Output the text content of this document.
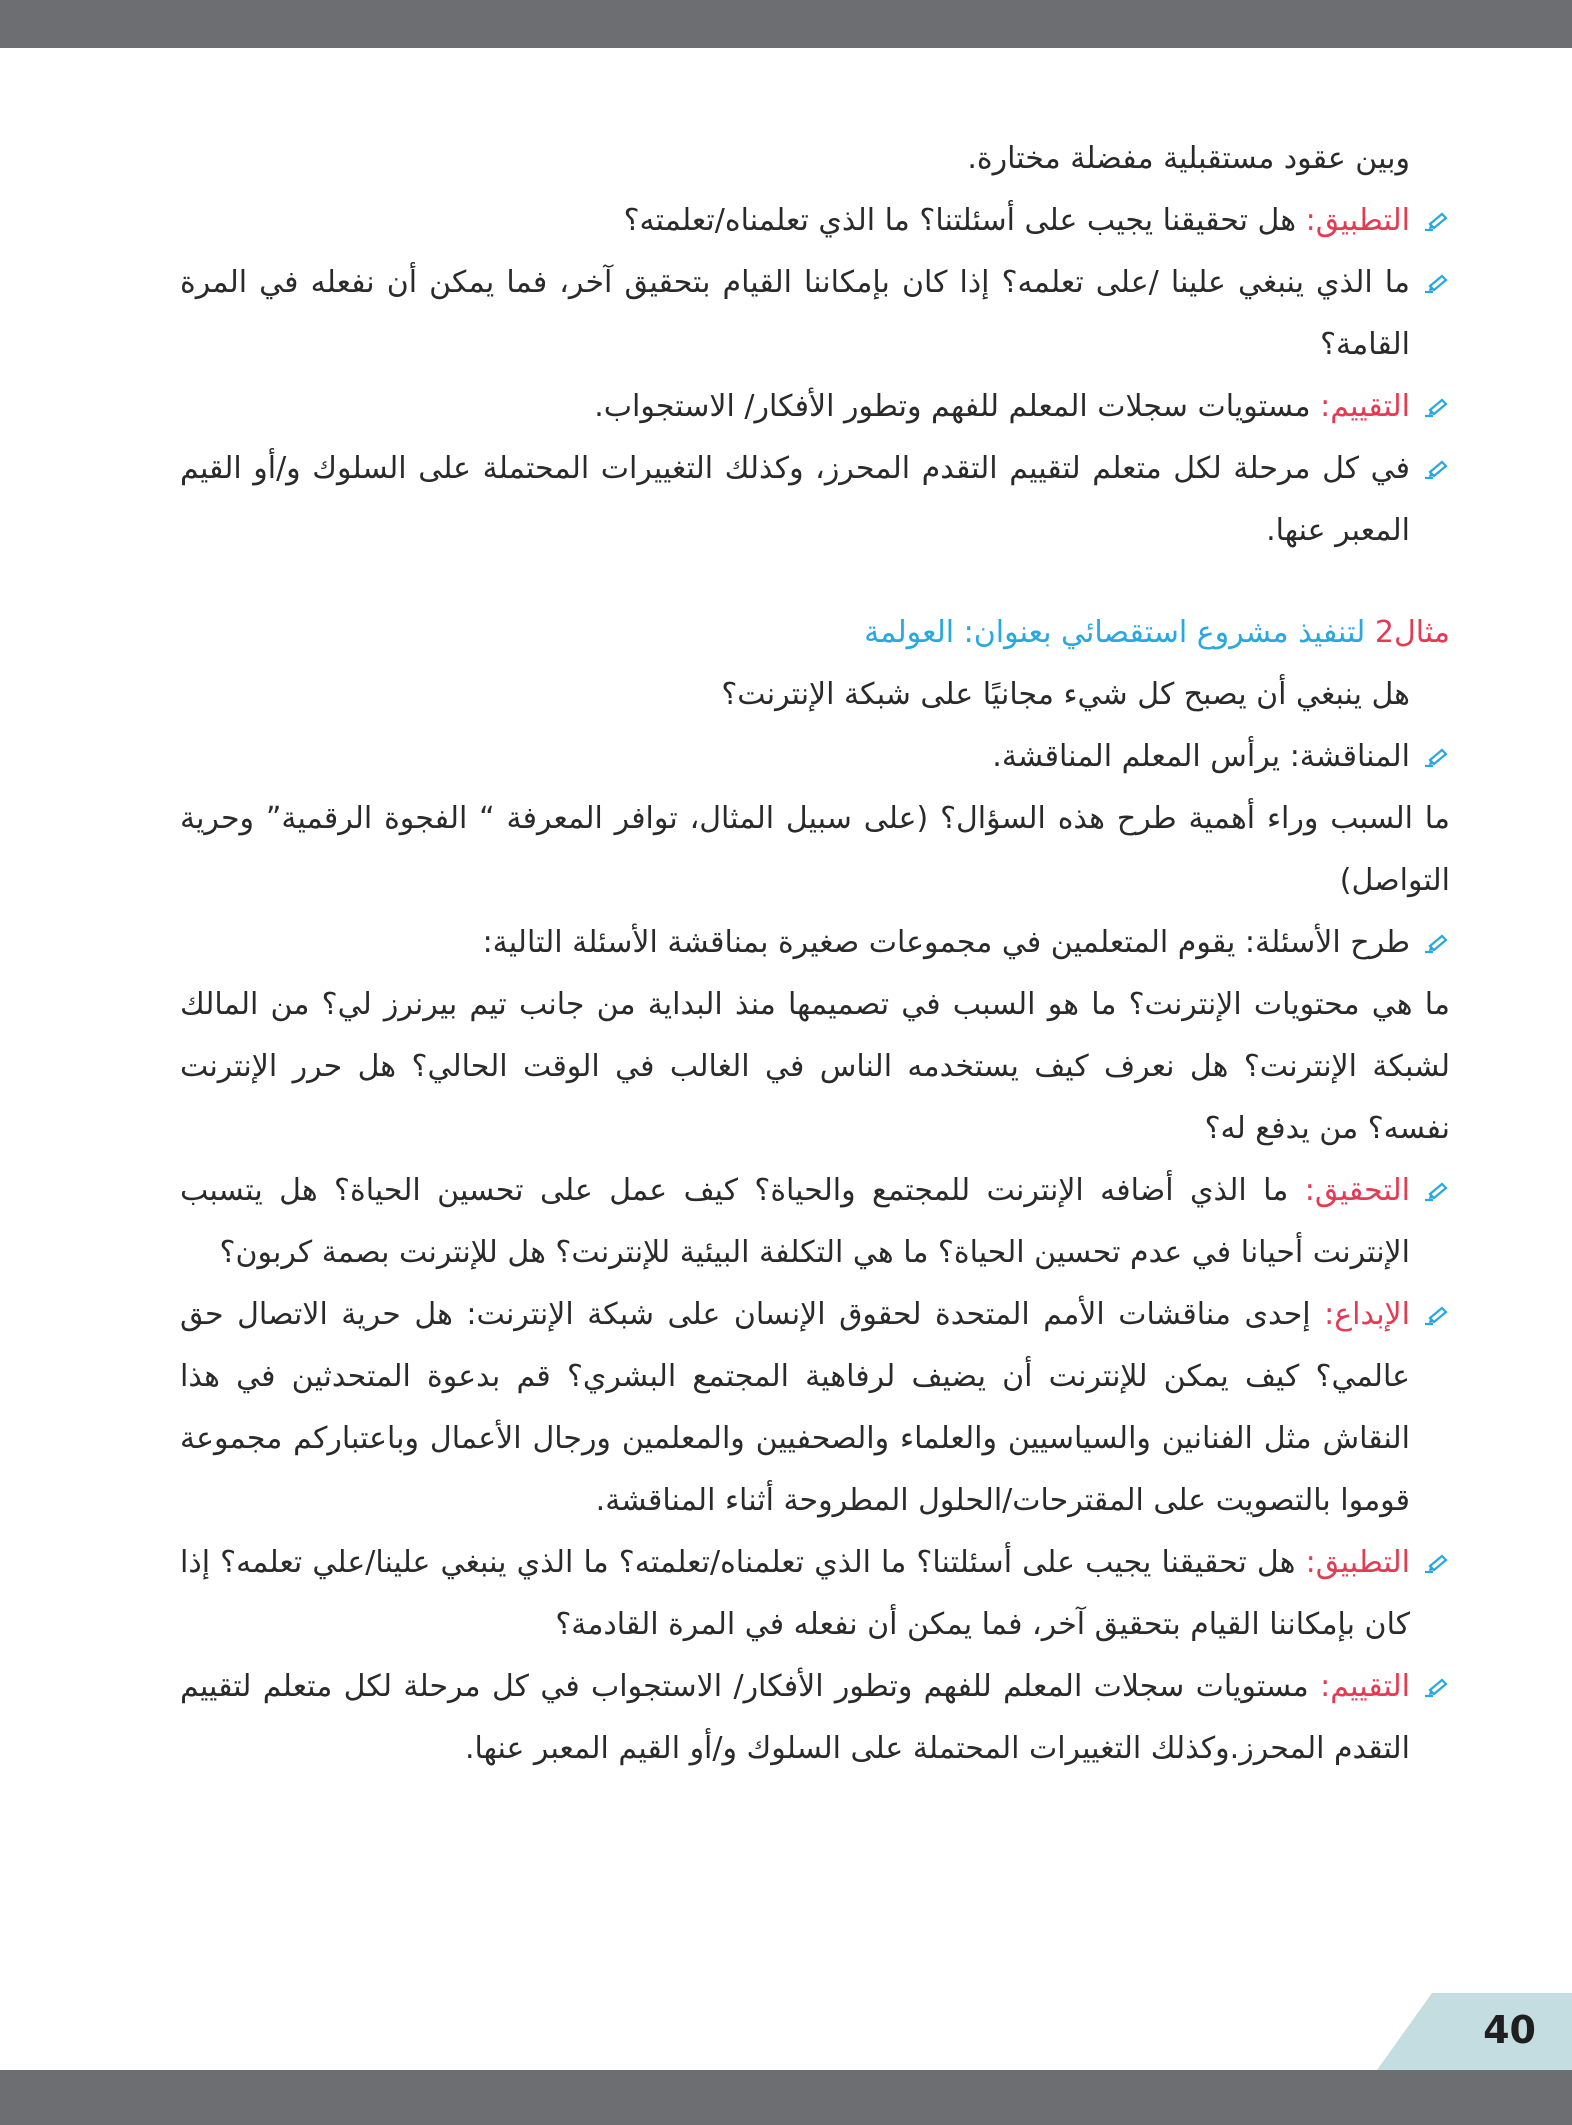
وبين عقود مستقبلية مفضلة مختارة.

التطبيق: هل تحقيقنا يجيب على أسئلتنا؟ ما الذي تعلمناه/تعلمته؟

ما الذي ينبغي علينا /على تعلمه؟ إذا كان بإمكاننا القيام بتحقيق آخر، فما يمكن أن نفعله في المرة القامة؟

التقييم: مستويات سجلات المعلم للفهم وتطور الأفكار/ الاستجواب.

في كل مرحلة لكل متعلم لتقييم التقدم المحرز، وكذلك التغييرات المحتملة على السلوك و/أو القيم المعبر عنها.

مثال2 لتنفيذ مشروع استقصائي بعنوان: العولمة

هل ينبغي أن يصبح كل شيء مجانيًا على شبكة الإنترنت؟

المناقشة: يرأس المعلم المناقشة.

ما السبب وراء أهمية طرح هذه السؤال؟ (على سبيل المثال، توافر المعرفة “ الفجوة الرقمية” وحرية التواصل)

طرح الأسئلة: يقوم المتعلمين في مجموعات صغيرة بمناقشة الأسئلة التالية:

ما هي محتويات الإنترنت؟ ما هو السبب في تصميمها منذ البداية من جانب تيم بيرنرز لي؟ من المالك لشبكة الإنترنت؟ هل نعرف كيف يستخدمه الناس في الغالب في الوقت الحالي؟ هل حرر الإنترنت نفسه؟ من يدفع له؟

التحقيق: ما الذي أضافه الإنترنت للمجتمع والحياة؟ كيف عمل على تحسين الحياة؟ هل يتسبب الإنترنت أحيانا في عدم تحسين الحياة؟ ما هي التكلفة البيئية للإنترنت؟ هل للإنترنت بصمة كربون؟

الإبداع: إحدى مناقشات الأمم المتحدة لحقوق الإنسان على شبكة الإنترنت: هل حرية الاتصال حق عالمي؟ كيف يمكن للإنترنت أن يضيف لرفاهية المجتمع البشري؟ قم بدعوة المتحدثين في هذا النقاش مثل الفنانين والسياسيين والعلماء والصحفيين والمعلمين ورجال الأعمال وباعتباركم مجموعة قوموا بالتصويت على المقترحات/الحلول المطروحة أثناء المناقشة.

التطبيق: هل تحقيقنا يجيب على أسئلتنا؟ ما الذي تعلمناه/تعلمته؟ ما الذي ينبغي علينا/علي تعلمه؟ إذا كان بإمكاننا القيام بتحقيق آخر، فما يمكن أن نفعله في المرة القادمة؟

التقييم: مستويات سجلات المعلم للفهم وتطور الأفكار/ الاستجواب في كل مرحلة لكل متعلم لتقييم التقدم المحرز.وكذلك التغييرات المحتملة على السلوك و/أو القيم المعبر عنها.

40
